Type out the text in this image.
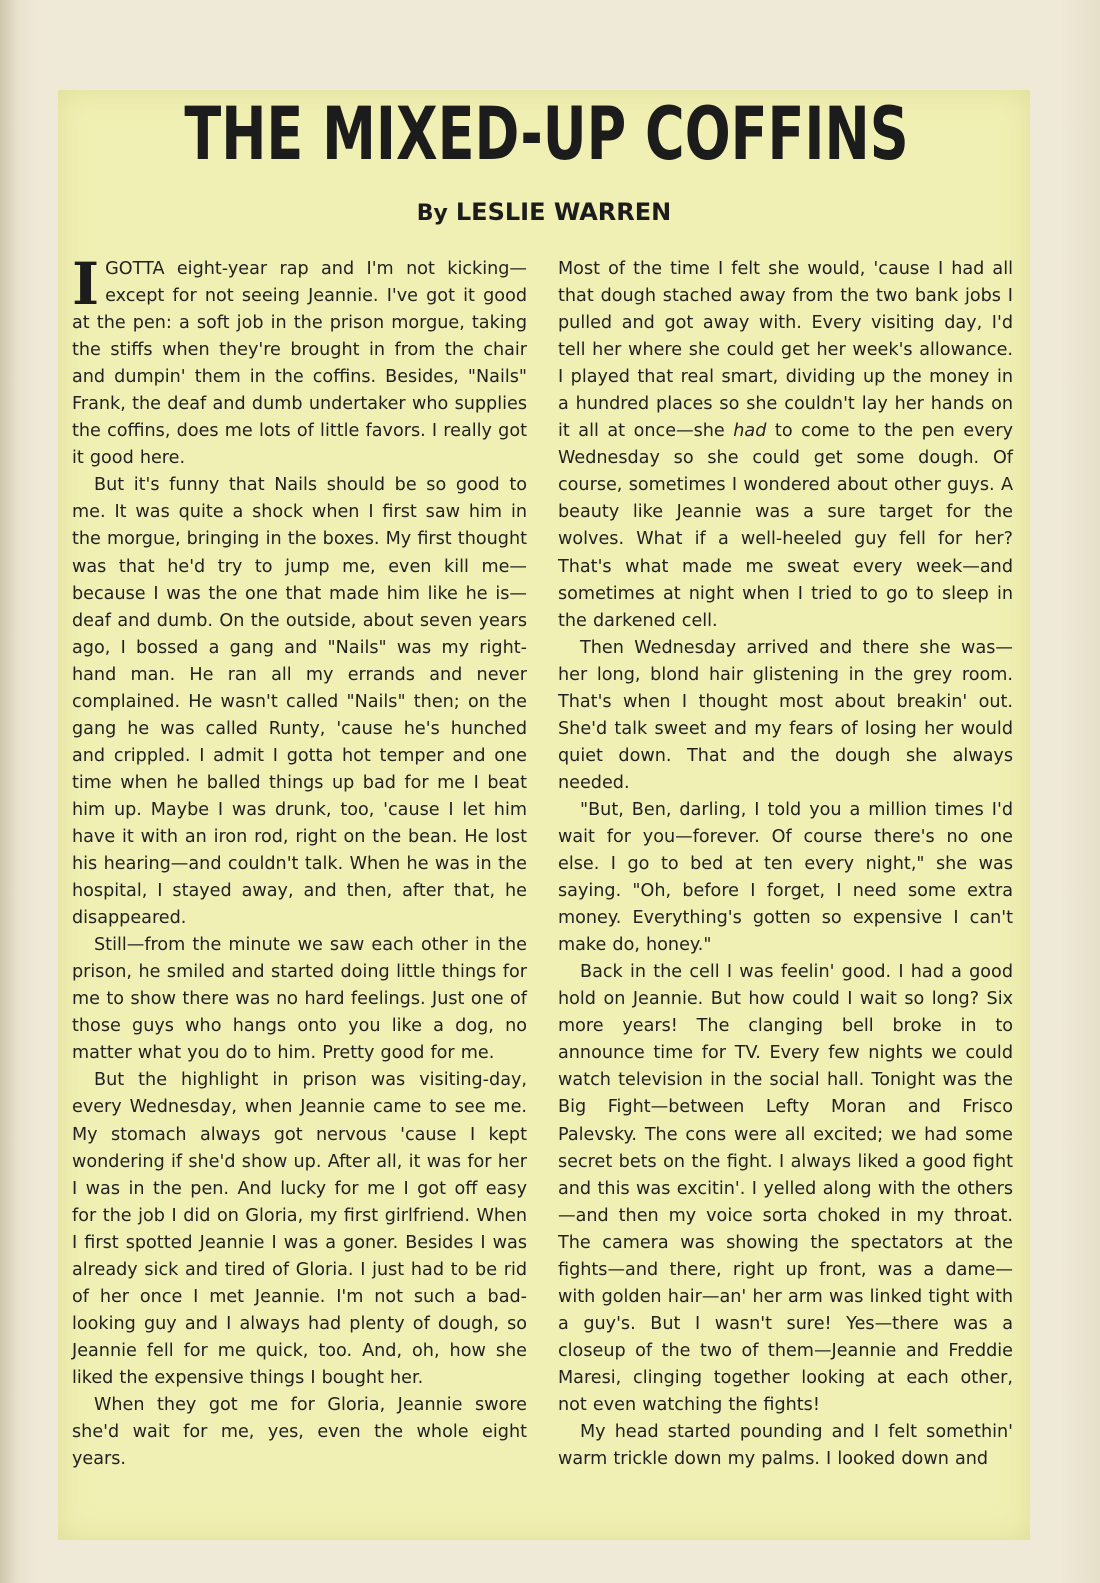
THE MIXED-UP COFFINS
By LESLIE WARREN

IGOTTA eight-year rap and I'm not kicking—except for not seeing Jeannie. I've got it good at the pen: a soft job in the prison morgue, taking the stiffs when they're brought in from the chair and dumpin' them in the coffins. Besides, "Nails" Frank, the deaf and dumb undertaker who supplies the coffins, does me lots of little favors. I really got it good here.

But it's funny that Nails should be so good to me. It was quite a shock when I first saw him in the morgue, bringing in the boxes. My first thought was that he'd try to jump me, even kill me—because I was the one that made him like he is—deaf and dumb. On the outside, about seven years ago, I bossed a gang and "Nails" was my right-hand man. He ran all my errands and never complained. He wasn't called "Nails" then; on the gang he was called Runty, 'cause he's hunched and crippled. I admit I gotta hot temper and one time when he balled things up bad for me I beat him up. Maybe I was drunk, too, 'cause I let him have it with an iron rod, right on the bean. He lost his hearing—and couldn't talk. When he was in the hospital, I stayed away, and then, after that, he disappeared.

Still—from the minute we saw each other in the prison, he smiled and started doing little things for me to show there was no hard feelings. Just one of those guys who hangs onto you like a dog, no matter what you do to him. Pretty good for me.

But the highlight in prison was visiting-day, every Wednesday, when Jeannie came to see me. My stomach always got nervous 'cause I kept wondering if she'd show up. After all, it was for her I was in the pen. And lucky for me I got off easy for the job I did on Gloria, my first girlfriend. When I first spotted Jeannie I was a goner. Besides I was already sick and tired of Gloria. I just had to be rid of her once I met Jeannie. I'm not such a bad-looking guy and I always had plenty of dough, so Jeannie fell for me quick, too. And, oh, how she liked the expensive things I bought her.

When they got me for Gloria, Jeannie swore she'd wait for me, yes, even the whole eight years.

Most of the time I felt she would, 'cause I had all that dough stached away from the two bank jobs I pulled and got away with. Every visiting day, I'd tell her where she could get her week's allowance. I played that real smart, dividing up the money in a hundred places so she couldn't lay her hands on it all at once—she had to come to the pen every Wednesday so she could get some dough. Of course, sometimes I wondered about other guys. A beauty like Jeannie was a sure target for the wolves. What if a well-heeled guy fell for her? That's what made me sweat every week—and sometimes at night when I tried to go to sleep in the darkened cell.

Then Wednesday arrived and there she was—her long, blond hair glistening in the grey room. That's when I thought most about breakin' out. She'd talk sweet and my fears of losing her would quiet down. That and the dough she always needed.

"But, Ben, darling, I told you a million times I'd wait for you—forever. Of course there's no one else. I go to bed at ten every night," she was saying. "Oh, before I forget, I need some extra money. Everything's gotten so expensive I can't make do, honey."

Back in the cell I was feelin' good. I had a good hold on Jeannie. But how could I wait so long? Six more years! The clanging bell broke in to announce time for TV. Every few nights we could watch television in the social hall. Tonight was the Big Fight—between Lefty Moran and Frisco Palevsky. The cons were all excited; we had some secret bets on the fight. I always liked a good fight and this was excitin'. I yelled along with the others—and then my voice sorta choked in my throat. The camera was showing the spectators at the fights—and there, right up front, was a dame—with golden hair—an' her arm was linked tight with a guy's. But I wasn't sure! Yes—there was a closeup of the two of them—Jeannie and Freddie Maresi, clinging together looking at each other, not even watching the fights!

My head started pounding and I felt somethin' warm trickle down my palms. I looked down and
